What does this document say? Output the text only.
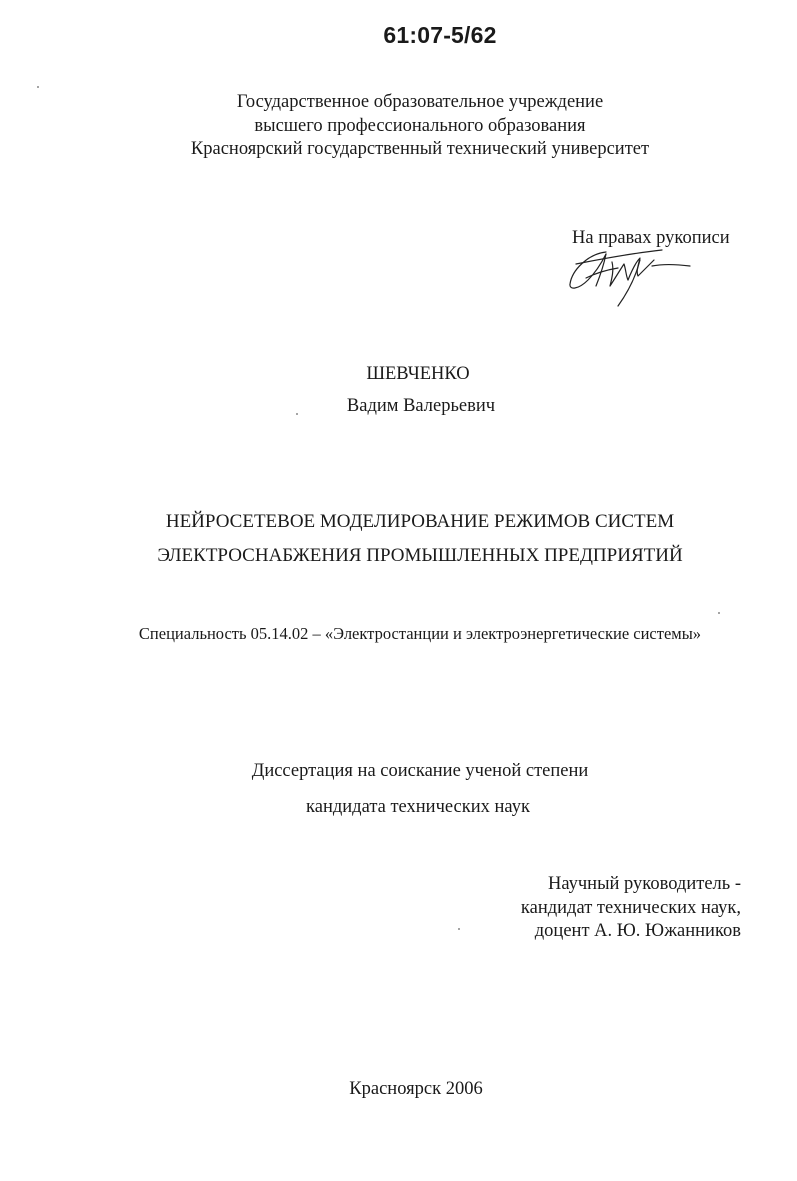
61:07-5/62
Государственное образовательное учреждение
высшего профессионального образования
Красноярский государственный технический университет
На правах рукописи
ШЕВЧЕНКО
Вадим Валерьевич
НЕЙРОСЕТЕВОЕ МОДЕЛИРОВАНИЕ РЕЖИМОВ СИСТЕМ
ЭЛЕКТРОСНАБЖЕНИЯ ПРОМЫШЛЕННЫХ ПРЕДПРИЯТИЙ
Специальность 05.14.02 – «Электростанции и электроэнергетические системы»
Диссертация на соискание ученой степени
кандидата технических наук
Научный руководитель -
кандидат технических наук,
доцент А. Ю. Южанников
Красноярск 2006
